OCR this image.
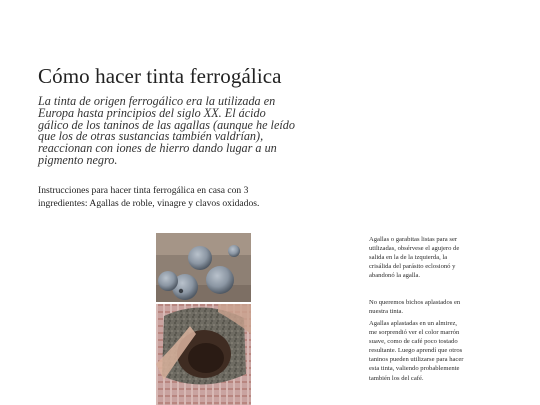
Cómo hacer tinta ferrogálica

La tinta de origen ferrogálico era la utilizada en Europa hasta principios del siglo XX. El ácido gálico de los taninos de las agallas (aunque he leído que los de otras sustancias también valdrían), reaccionan con iones de hierro dando lugar a un pigmento negro.

Instrucciones para hacer tinta ferrogálica en casa con 3 ingredientes: Agallas de roble, vinagre y clavos oxidados.

Agallas o garabitas listas para ser utilizadas, obsérvese el agujero de salida en la de la izquierda, la crisálida del parásito eclosionó y abandonó la agalla.

No queremos bichos aplastados en nuestra tinta.

Agallas aplastadas en un almirez, me sorprendió ver el color marrón suave, como de café poco tostado resultante. Luego aprendí que otros taninos pueden utilizarse para hacer esta tinta, valiendo probablemente también los del café.
